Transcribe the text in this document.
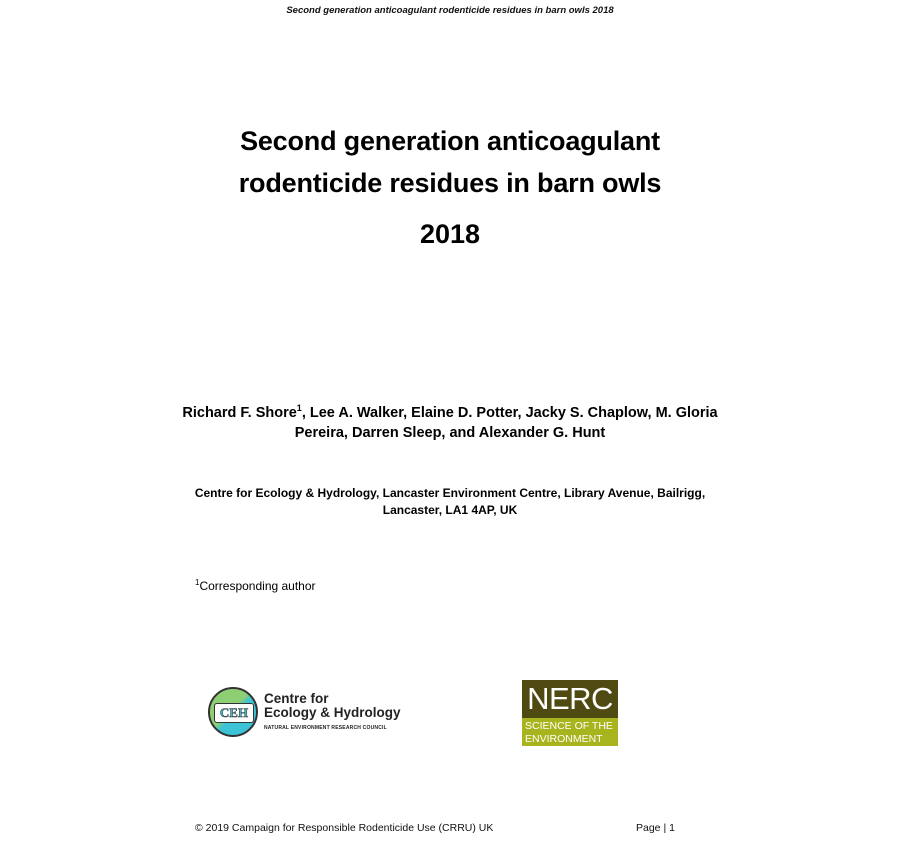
Second generation anticoagulant rodenticide residues in barn owls 2018
Second generation anticoagulant
rodenticide residues in barn owls
2018
Richard F. Shore$^1$, Lee A. Walker, Elaine D. Potter, Jacky S. Chaplow, M. Gloria Pereira, Darren Sleep, and Alexander G. Hunt
Centre for Ecology & Hydrology, Lancaster Environment Centre, Library Avenue, Bailrigg, Lancaster, LA1 4AP, UK
$^1$Corresponding author
CEH
Centre for
Ecology & Hydrology
NATURAL ENVIRONMENT RESEARCH COUNCIL
NERC
SCIENCE OF THE
ENVIRONMENT
© 2019 Campaign for Responsible Rodenticide Use (CRRU) UK	Page | 1
